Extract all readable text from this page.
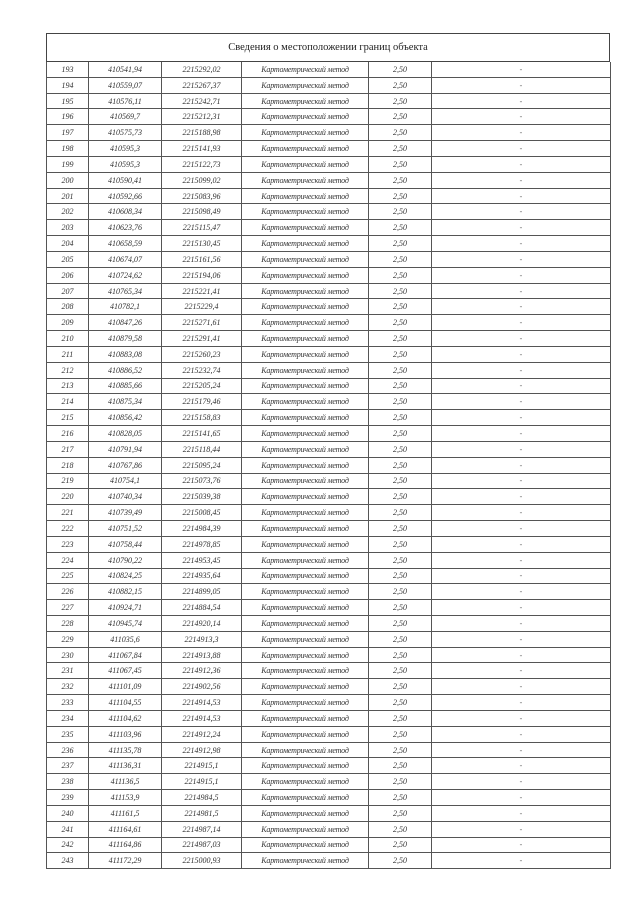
Сведения о местоположении границ объекта
193	410541,94	2215292,02	Картометрический метод	2,50	-
194	410559,07	2215267,37	Картометрический метод	2,50	-
195	410576,11	2215242,71	Картометрический метод	2,50	-
196	410569,7	2215212,31	Картометрический метод	2,50	-
197	410575,73	2215188,98	Картометрический метод	2,50	-
198	410595,3	2215141,93	Картометрический метод	2,50	-
199	410595,3	2215122,73	Картометрический метод	2,50	-
200	410590,41	2215099,02	Картометрический метод	2,50	-
201	410592,66	2215083,96	Картометрический метод	2,50	-
202	410608,34	2215098,49	Картометрический метод	2,50	-
203	410623,76	2215115,47	Картометрический метод	2,50	-
204	410658,59	2215130,45	Картометрический метод	2,50	-
205	410674,07	2215161,56	Картометрический метод	2,50	-
206	410724,62	2215194,06	Картометрический метод	2,50	-
207	410765,34	2215221,41	Картометрический метод	2,50	-
208	410782,1	2215229,4	Картометрический метод	2,50	-
209	410847,26	2215271,61	Картометрический метод	2,50	-
210	410879,58	2215291,41	Картометрический метод	2,50	-
211	410883,08	2215260,23	Картометрический метод	2,50	-
212	410886,52	2215232,74	Картометрический метод	2,50	-
213	410885,66	2215205,24	Картометрический метод	2,50	-
214	410875,34	2215179,46	Картометрический метод	2,50	-
215	410856,42	2215158,83	Картометрический метод	2,50	-
216	410828,05	2215141,65	Картометрический метод	2,50	-
217	410791,94	2215118,44	Картометрический метод	2,50	-
218	410767,86	2215095,24	Картометрический метод	2,50	-
219	410754,1	2215073,76	Картометрический метод	2,50	-
220	410740,34	2215039,38	Картометрический метод	2,50	-
221	410739,49	2215008,45	Картометрический метод	2,50	-
222	410751,52	2214984,39	Картометрический метод	2,50	-
223	410758,44	2214978,85	Картометрический метод	2,50	-
224	410790,22	2214953,45	Картометрический метод	2,50	-
225	410824,25	2214935,64	Картометрический метод	2,50	-
226	410882,15	2214899,05	Картометрический метод	2,50	-
227	410924,71	2214884,54	Картометрический метод	2,50	-
228	410945,74	2214920,14	Картометрический метод	2,50	-
229	411035,6	2214913,3	Картометрический метод	2,50	-
230	411067,84	2214913,88	Картометрический метод	2,50	-
231	411067,45	2214912,36	Картометрический метод	2,50	-
232	411101,09	2214902,56	Картометрический метод	2,50	-
233	411104,55	2214914,53	Картометрический метод	2,50	-
234	411104,62	2214914,53	Картометрический метод	2,50	-
235	411103,96	2214912,24	Картометрический метод	2,50	-
236	411135,78	2214912,98	Картометрический метод	2,50	-
237	411136,31	2214915,1	Картометрический метод	2,50	-
238	411136,5	2214915,1	Картометрический метод	2,50	-
239	411153,9	2214984,5	Картометрический метод	2,50	-
240	411161,5	2214981,5	Картометрический метод	2,50	-
241	411164,61	2214987,14	Картометрический метод	2,50	-
242	411164,86	2214987,03	Картометрический метод	2,50	-
243	411172,29	2215000,93	Картометрический метод	2,50	-
